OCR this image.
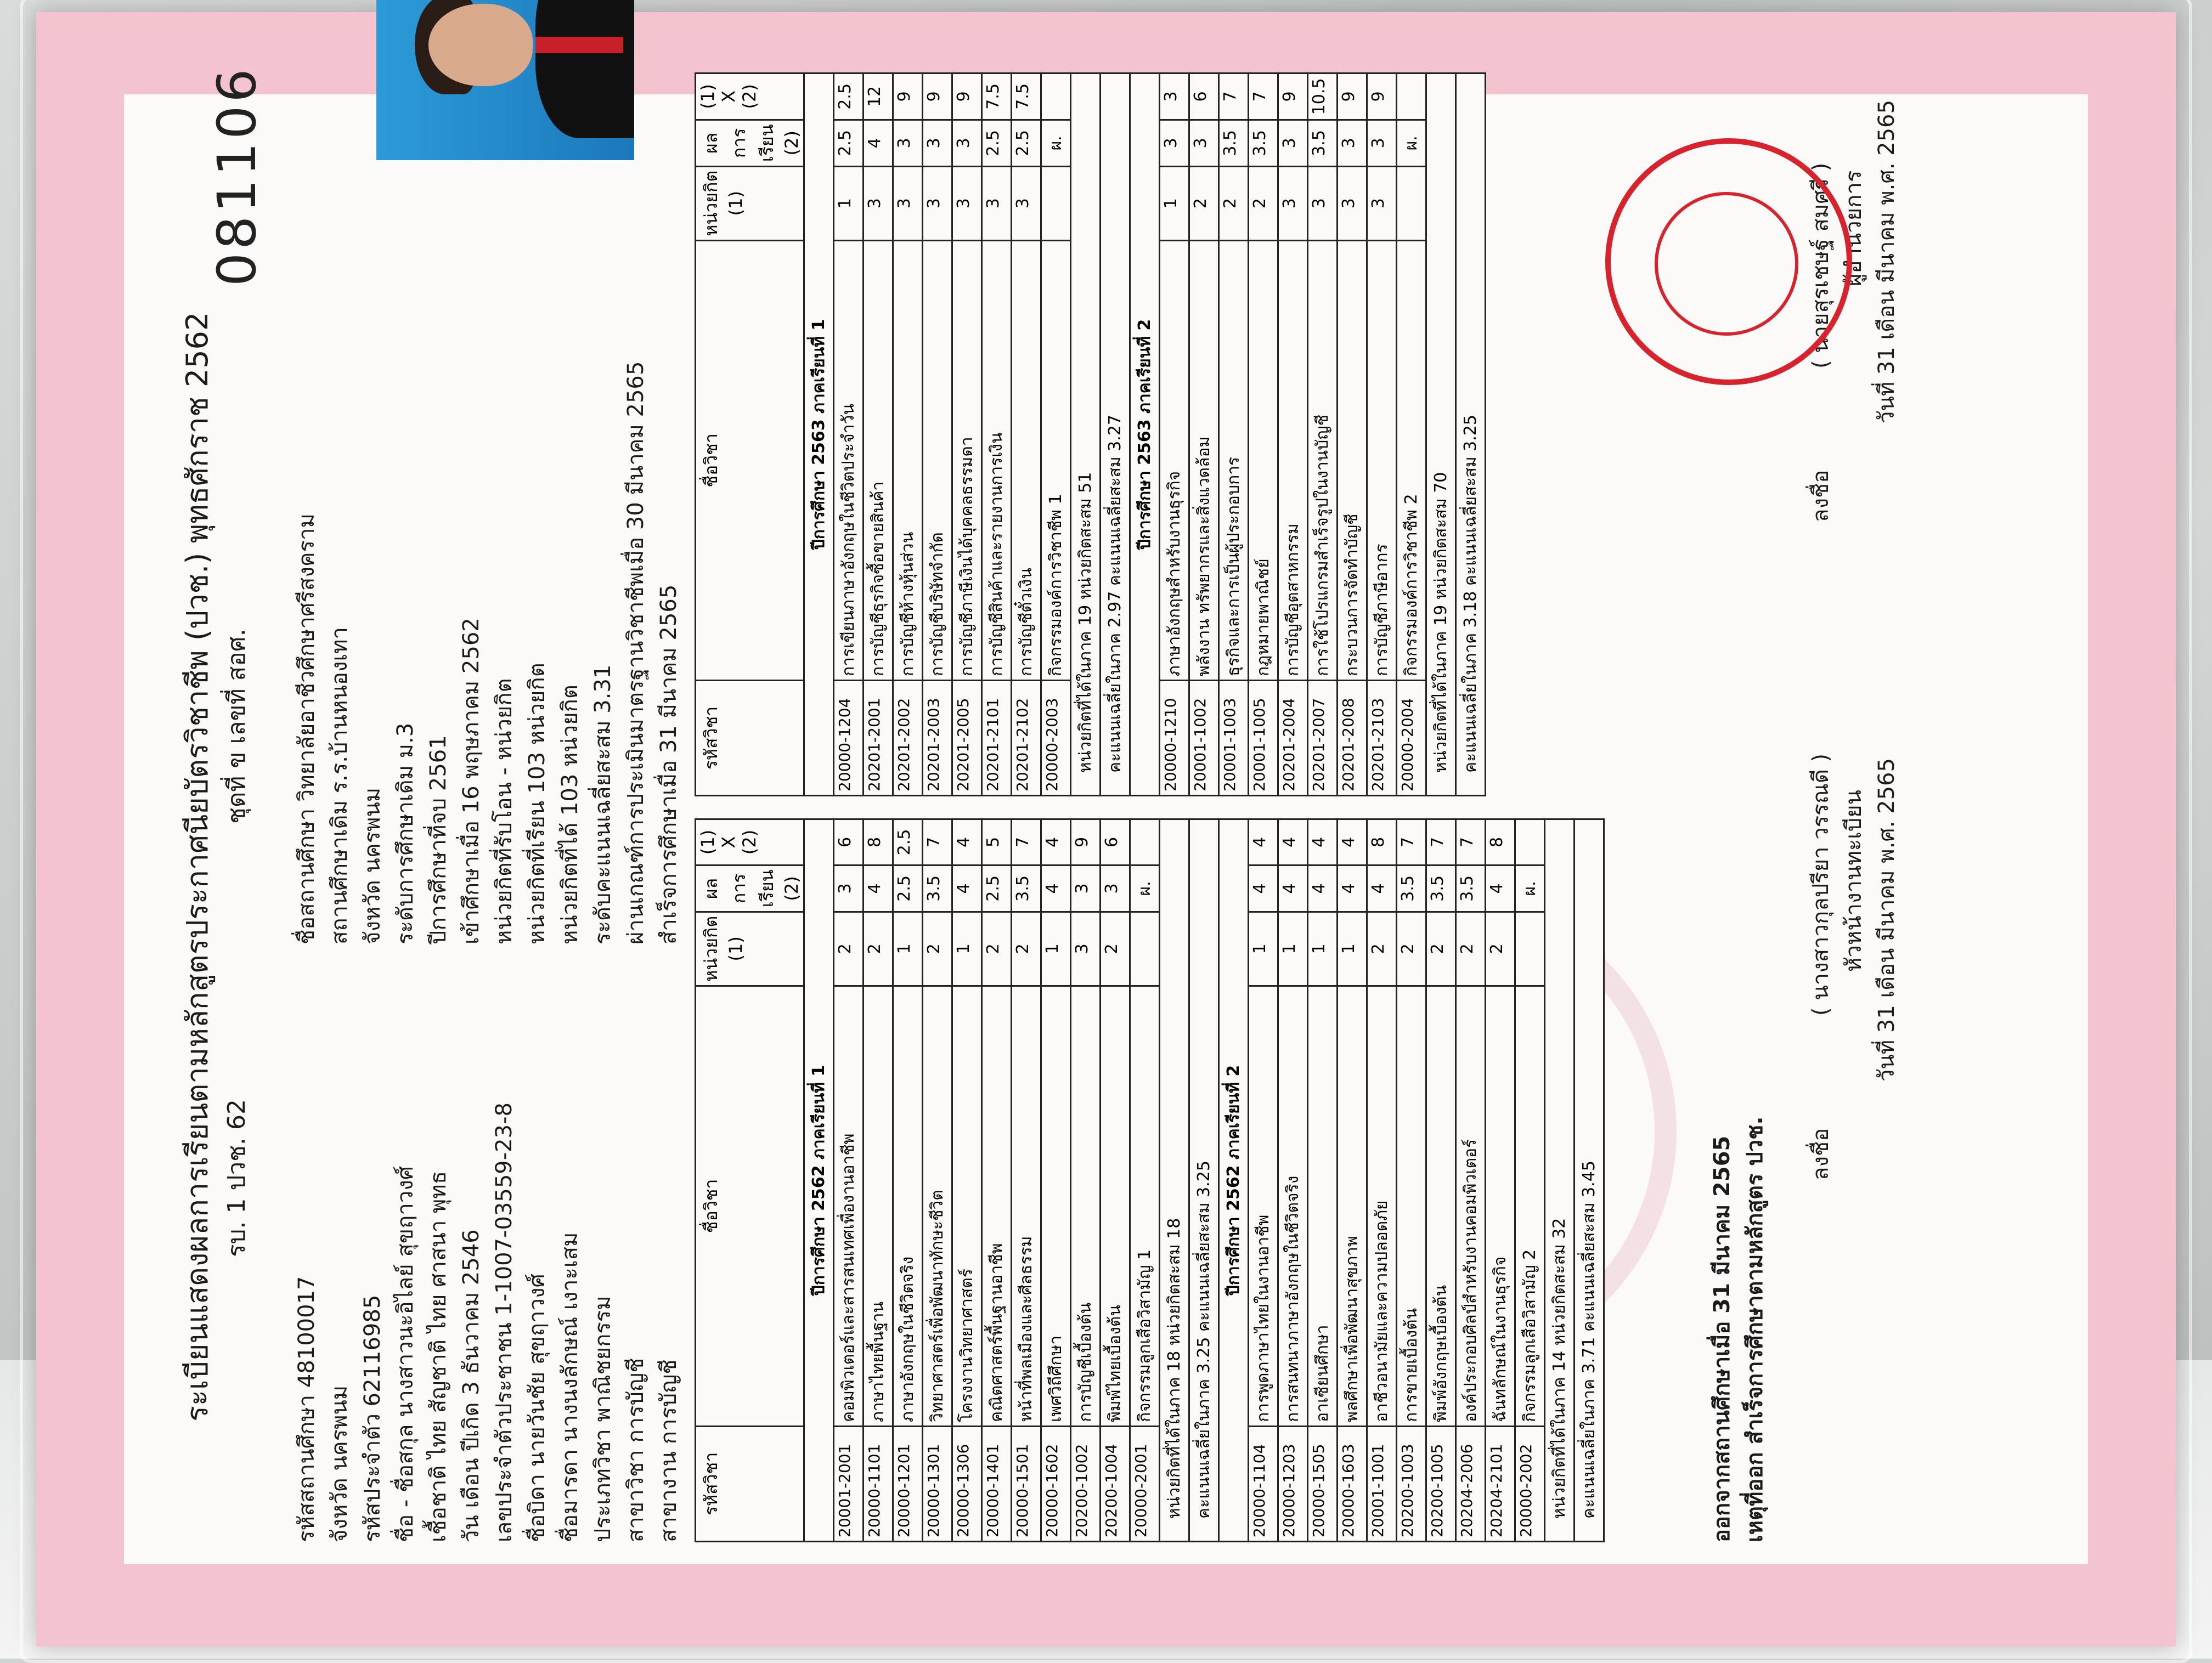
ระเบียนแสดงผลการเรียนตามหลักสูตรประกาศนียบัตรวิชาชีพ (ปวช.) พุทธศักราช 2562 รบ. 1 ปวช. 62
ชุดที่ ข เลขที่ สอศ.
081106
รหัสสถานศึกษา 48100017 จังหวัด นครพนม รหัสประจำตัว 62116985 ชื่อ - ชื่อสกุล นางสาวนะอิไลย์ สุขฤาวงศ์ เชื้อชาติ ไทย สัญชาติ ไทย ศาสนา พุทธ วัน เดือน ปีเกิด 3 ธันวาคม 2546 เลขประจำตัวประชาชน 1-1007-03559-23-8 ชื่อบิดา นายวันชัย สุขฤาวงศ์ ชื่อมารดา นางนงลักษณ์ เงาะเสม ประเภทวิชา พาณิชยกรรม สาขาวิชา การบัญชี สาขางาน การบัญชี
ชื่อสถานศึกษา วิทยาลัยอาชีวศึกษาศรีสงคราม สถานศึกษาเดิม ร.ร.บ้านหนองเทา จังหวัด นครพนม ระดับการศึกษาเดิม ม.3 ปีการศึกษาที่จบ 2561 เข้าศึกษาเมื่อ 16 พฤษภาคม 2562 หน่วยกิตที่รับโอน - หน่วยกิต หน่วยกิตที่เรียน 103 หน่วยกิต หน่วยกิตที่ได้ 103 หน่วยกิต ระดับคะแนนเฉลี่ยสะสม 3.31 ผ่านเกณฑ์การประเมินมาตรฐานวิชาชีพเมื่อ 30 มีนาคม 2565 สำเร็จการศึกษาเมื่อ 31 มีนาคม 2565
รหัสวิชา	ชื่อวิชา	หน่วยกิต (1)	ผลการเรียน (2)	(1) X (2)
ปีการศึกษา 2562 ภาคเรียนที่ 1				
20001-2001	คอมพิวเตอร์และสารสนเทศเพื่องานอาชีพ	2	3	6
20000-1101	ภาษาไทยพื้นฐาน	2	4	8
20000-1201	ภาษาอังกฤษในชีวิตจริง	1	2.5	2.5
20000-1301	วิทยาศาสตร์เพื่อพัฒนาทักษะชีวิต	2	3.5	7
20000-1306	โครงงานวิทยาศาสตร์	1	4	4
20000-1401	คณิตศาสตร์พื้นฐานอาชีพ	2	2.5	5
20000-1501	หน้าที่พลเมืองและศีลธรรม	2	3.5	7
20000-1602	เพศวิถีศึกษา	1	4	4
20200-1002	การบัญชีเบื้องต้น	3	3	9
20200-1004	พิมพ์ไทยเบื้องต้น	2	3	6
20000-2001	กิจกรรมลูกเสือวิสามัญ 1		ผ.	
หน่วยกิตที่ได้ในภาค 18 หน่วยกิตสะสม 18				
คะแนนเฉลี่ยในภาค 3.25 คะแนนเฉลี่ยสะสม 3.25				
ปีการศึกษา 2562 ภาคเรียนที่ 2				
20000-1104	การพูดภาษาไทยในงานอาชีพ	1	4	4
20000-1203	การสนทนาภาษาอังกฤษในชีวิตจริง	1	4	4
20000-1505	อาเซียนศึกษา	1	4	4
20000-1603	พลศึกษาเพื่อพัฒนาสุขภาพ	1	4	4
20001-1001	อาชีวอนามัยและความปลอดภัย	2	4	8
20200-1003	การขายเบื้องต้น	2	3.5	7
20200-1005	พิมพ์อังกฤษเบื้องต้น	2	3.5	7
20204-2006	องค์ประกอบศิลป์สำหรับงานคอมพิวเตอร์	2	3.5	7
20204-2101	ฉันทลักษณ์ในงานธุรกิจ	2	4	8
20000-2002	กิจกรรมลูกเสือวิสามัญ 2		ผ.	
หน่วยกิตที่ได้ในภาค 14 หน่วยกิตสะสม 32				
คะแนนเฉลี่ยในภาค 3.71 คะแนนเฉลี่ยสะสม 3.45				
รหัสวิชา	ชื่อวิชา	หน่วยกิต (1)	ผลการเรียน (2)	(1) X (2)
ปีการศึกษา 2563 ภาคเรียนที่ 1				
20000-1204	การเขียนภาษาอังกฤษในชีวิตประจำวัน	1	2.5	2.5
20201-2001	การบัญชีธุรกิจซื้อขายสินค้า	3	4	12
20201-2002	การบัญชีห้างหุ้นส่วน	3	3	9
20201-2003	การบัญชีบริษัทจำกัด	3	3	9
20201-2005	การบัญชีภาษีเงินได้บุคคลธรรมดา	3	3	9
20201-2101	การบัญชีสินค้าและรายงานการเงิน	3	2.5	7.5
20201-2102	การบัญชีตั๋วเงิน	3	2.5	7.5
20000-2003	กิจกรรมองค์การวิชาชีพ 1		ผ.	
หน่วยกิตที่ได้ในภาค 19 หน่วยกิตสะสม 51				
คะแนนเฉลี่ยในภาค 2.97 คะแนนเฉลี่ยสะสม 3.27				
ปีการศึกษา 2563 ภาคเรียนที่ 2				
20000-1210	ภาษาอังกฤษสำหรับงานธุรกิจ	1	3	3
20001-1002	พลังงาน ทรัพยากรและสิ่งแวดล้อม	2	3	6
20001-1003	ธุรกิจและการเป็นผู้ประกอบการ	2	3.5	7
20001-1005	กฎหมายพาณิชย์	2	3.5	7
20201-2004	การบัญชีอุตสาหกรรม	3	3	9
20201-2007	การใช้โปรแกรมสำเร็จรูปในงานบัญชี	3	3.5	10.5
20201-2008	กระบวนการจัดทำบัญชี	3	3	9
20201-2103	การบัญชีภาษีอากร	3	3	9
20000-2004	กิจกรรมองค์การวิชาชีพ 2		ผ.	
หน่วยกิตที่ได้ในภาค 19 หน่วยกิตสะสม 70				
คะแนนเฉลี่ยในภาค 3.18 คะแนนเฉลี่ยสะสม 3.25				
ออกจากสถานศึกษาเมื่อ 31 มีนาคม 2565 เหตุที่ออก สำเร็จการศึกษาตามหลักสูตร ปวช. ลงชื่อ
( นางสาวกุลปรียา วรรณดี ) หัวหน้างานทะเบียน วันที่ 31 เดือน มีนาคม พ.ศ. 2565
ลงชื่อ
( นายสุรเชษฐ์ สมศรี ) ผู้อำนวยการ วันที่ 31 เดือน มีนาคม พ.ศ. 2565
